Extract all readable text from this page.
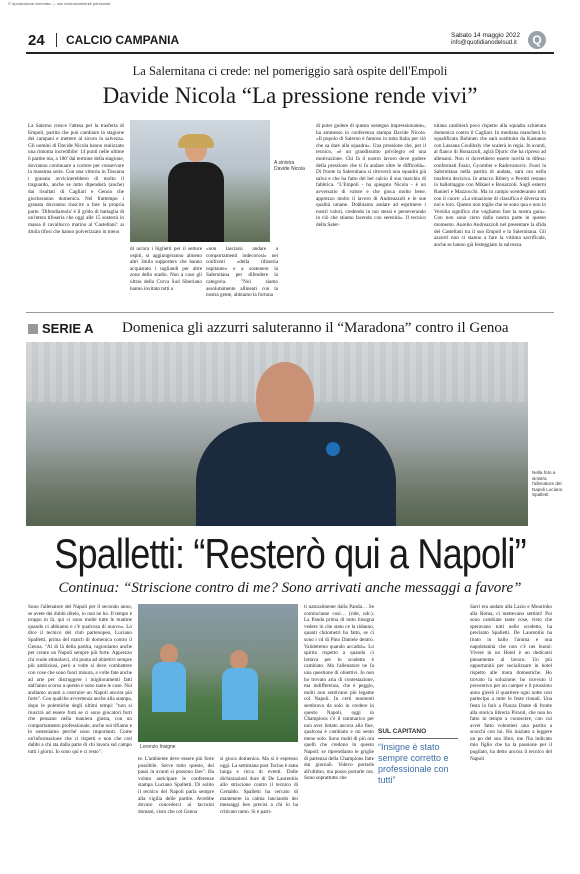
© riproduzione riservata — uso esclusivamente personale
24 CALCIO CAMPANIA	Sabato 14 maggio 2022
info@quotidianodelsud.it	Q
La Salernitana ci crede: nel pomeriggio sarà ospite dell'Empoli
Davide Nicola “La pressione rende vivi”

La Salerno cresce l'attesa per la trasferta di Empoli, partita che può cambiare la stagione dei campani e mettere al sicuro la salvezza. Gli uomini di Davide Nicola hanno realizzato una rimonta incredibile: 14 punti nelle ultime 6 partite ma, a 180' dal termine della stagione, dovranno continuare a correre per conservare la massima serie. Con una vittoria in Toscana i granata avvicinerebbero di molto il traguardo, anche se tutto dipenderà (anche) dai risultati di Cagliari e Genoa che giocheranno domenica. Nel frattempo i granata dovranno riuscire a fare la propria parte. 'Difendiamola' è il grido di battaglia di un'intera tifoseria che oggi alle 15 sosterrà in massa il cavallucco marino al 'Castellani': ai 4mila tifosi che hanno polverizzato in meno

A sinistra Davide Nicola

di un'ora i biglietti per il settore ospiti, si aggiungeranno almeno altri 3mila supporters che hanno acquistato i tagliandi per altre zone dello stadio. Non a caso gli ultras della Curva Sud Siberiano hanno invitato tutti a

«non lasciarsi andare a comportamenti indecorosi» nei confronti «della tifoseria ospitante» e a sostenere la Salernitana per difendere la categoria. "Noi siamo assolutamente allineati con la nostra gente, abbiamo la fortuna

di poter godere di questo sostegno impressionante», ha ammesso in conferenza stampa Davide Nicola. «Il popolo di Salerno è famoso in tutta Italia per ciò che sa dare alla squadra». Una pressione che, per il tecnico, «è un grandissimo privilegio ed una motivazione. Chi fa il nostro lavoro deve godere della pressione che ti fa andare oltre le difficoltà». Di fronte la Salernitana si ritroverà una squadra già salva e che ha fatto del bel calcio il suo marchio di fabbrica. "L'Empoli - ha spiegato Nicola - è un avversario di valore e che gioca molto bene, apprezzo molto il lavoro di Andreazzoli e le sue qualità umane. Dobbiamo andare ad esprimere i nostri valori, credendo in noi stessi e perseverando in ciò che stiamo facendo con serenità». Il tecnico della Saler-

nitana cambierà poco rispetto alla squadra schierata domenica contro il Cagliari. In mediana mancherà lo squalificato Bohinen che sarà sostituito da Kastanos con Lassana Coulibaly che scalerà in regia. In avanti, al fianco di Bonazzoli, agirà Djuric che ha ripreso ad allenarsi. Non ci dovrebbero essere novità in difesa: confermati Fazio, Gyomber e Radovanovic. Fuori la Salernitana nella partita di andata, sarà ora nella trasferta decisiva. In attacco Ribery e Perotti restano in ballottaggio con Mikael e Bonazzoli. Sugli esterni Ranieri e Mazzocchi. Ma in campo scenderanno tutti con il cuore: «La situazione di classifica è diversa tra noi e loro. Questo non toglie che se sono qua e non in Versilia significa che vogliamo fare la nostra gara». Con non sono certo dalla nostra parte in questo momento. Aurelio Andreazzoli nel presentare la sfida del Castellani tra il suo Empoli e la Salernitana. Gli azzurri non ci stanno a fare la vittima sacrificale, anche se hanno già festeggiato la salvezza.

SERIE A Domenica gli azzurri saluteranno il “Maradona” contro il Genoa
Nella foto a sinistra l'allenatore del Napoli Luciano Spalletti
Spalletti: “Resterò qui a Napoli”
Continua: “Striscione contro di me? Sono arrivati anche messaggi a favore”

Sono l'allenatore del Napoli per il secondo anno, se avete dei dubbi ditelo, io non ne ho. Il tempo è troppo in là, qui ci sono molte tutte le mattine quando ci abbiamo e c'è qualcosa di nuovo». Lo dice il tecnico del club partenopeo, Luciano Spalletti, prima del match di domenica contro il Genoa. "Al di là della partita, ragioniamo anche per creare un Napoli sempre più forte. Apprezzo chi vuole stimolarci, chi punta ad obiettivi sempre più ambiziosi, però a volte si deve combattere con cose che sono fuori misura, a volte fate anche ad arte per distruggere i miglioramenti fatti dall'anno scorso a questo e sono tante le cose. Noi andiamo avanti a costruire un Napoli ancora più forte". Con qualche avvertenza anche alla stampa, dopo le polemiche degli ultimi tempi: "non si riuscirà ad essere forti se ci sono giocatori forti che pensano nella maniera giusta, con un comportamento professionale, anche noi tifiamo e lo sosteniamo perché sono importanti. Come un'informazione che ci rispetti e non che crei dubbi a chi sta dalla parte di chi lavora sul campo tutti i giorni. Io sono qui e ci resto".

Lorenzo Insigne

te. L'ambiente deve essere più forte possibile. Serve tutto questo, dei passi in avanti si possono fare". Ha voluto anticipare le conferenze stampa Luciano Spalletti. Di solito il tecnico del Napoli parla sempre alla vigilia delle partite. Avrebbe dovuto concederci ai taccuini domani, visto che col Genoa

si gioca domenica. Ma si è espresso oggi. La settimana post Torino è stata lunga e ricca di eventi. Dalle dichiarazioni dure di De Laurentiis allo striscione contro il tecnico di Certaldo. Spalletti ha cercato di mantenere la calma lanciando dei messaggi ben precisi a chi lo ha criticato tanto. Si è parti-

ti naturalmente dalla Panda… Se cominciasse cosi… (ride, ndr.). La Panda prima di tutto bisogna vedere in che stato ce la ridanno, quanti chilometri ha fatto, se ci sono i cd di Pino Daniele dentro. Valuteremo quando accadrà». Lo spirito rispetto a quando ci lottava per lo scudetto è cambiato. Ma l'allenatore ne fa una questione di obiettivi. Io non ho trovato aria di contestazione, ma indifferenza, che è peggio, molti non sentivano più legame col Napoli. In certi momenti sembravo da solo in credere in questo Napoli, oggi in Champions c'è il rammarico per non aver lottato ancora alla fine, qualcosa è cambiato e mi sento meno solo. Sono molti di più ora quelli che credono in questo Napoli: se riprendiamo le griglie di partenza della Champions fatte dai giornali. Volevo portarle all'ultimo, ma posso portarle ora. Sono soprattutto che

SUL CAPITANO
“Insigne è stato sempre corretto e professionale con tutti”

Sarri era andato alla Lazio e Mourinho alla Roma, ci mettevano settimi! Poi sono cambiate tante cose, visto che speravano tutti nello scudetto, ha precisato Spalletti. De Laurentiis ha tirato in ballo l'anima e una napoletanità che non c'è nei buoni: Vivere in un Hotel è un dedicarsi pienamente al lavoro. Un più opportunità per socializzare in hotel rispetto alle mura domestiche. Ho trovato la soluzione: ho ricevuto il preventivo per un camper e il prossimo anno girerò il quartiere ogni notte così partecipo a tutte le feste rionali. Una festa la farò a Piazza Dante di fronte alla storica libreria Pironti, che non ho fatto in tempo a conoscere, con cui avrei fatto volentieri una partita a scacchi con lui. Ho iniziato a leggere un po del suo libro, me l'ha indicato mio figlio che ha la passione per il pugilato, ha detto ancora il tecnico del Napoli
